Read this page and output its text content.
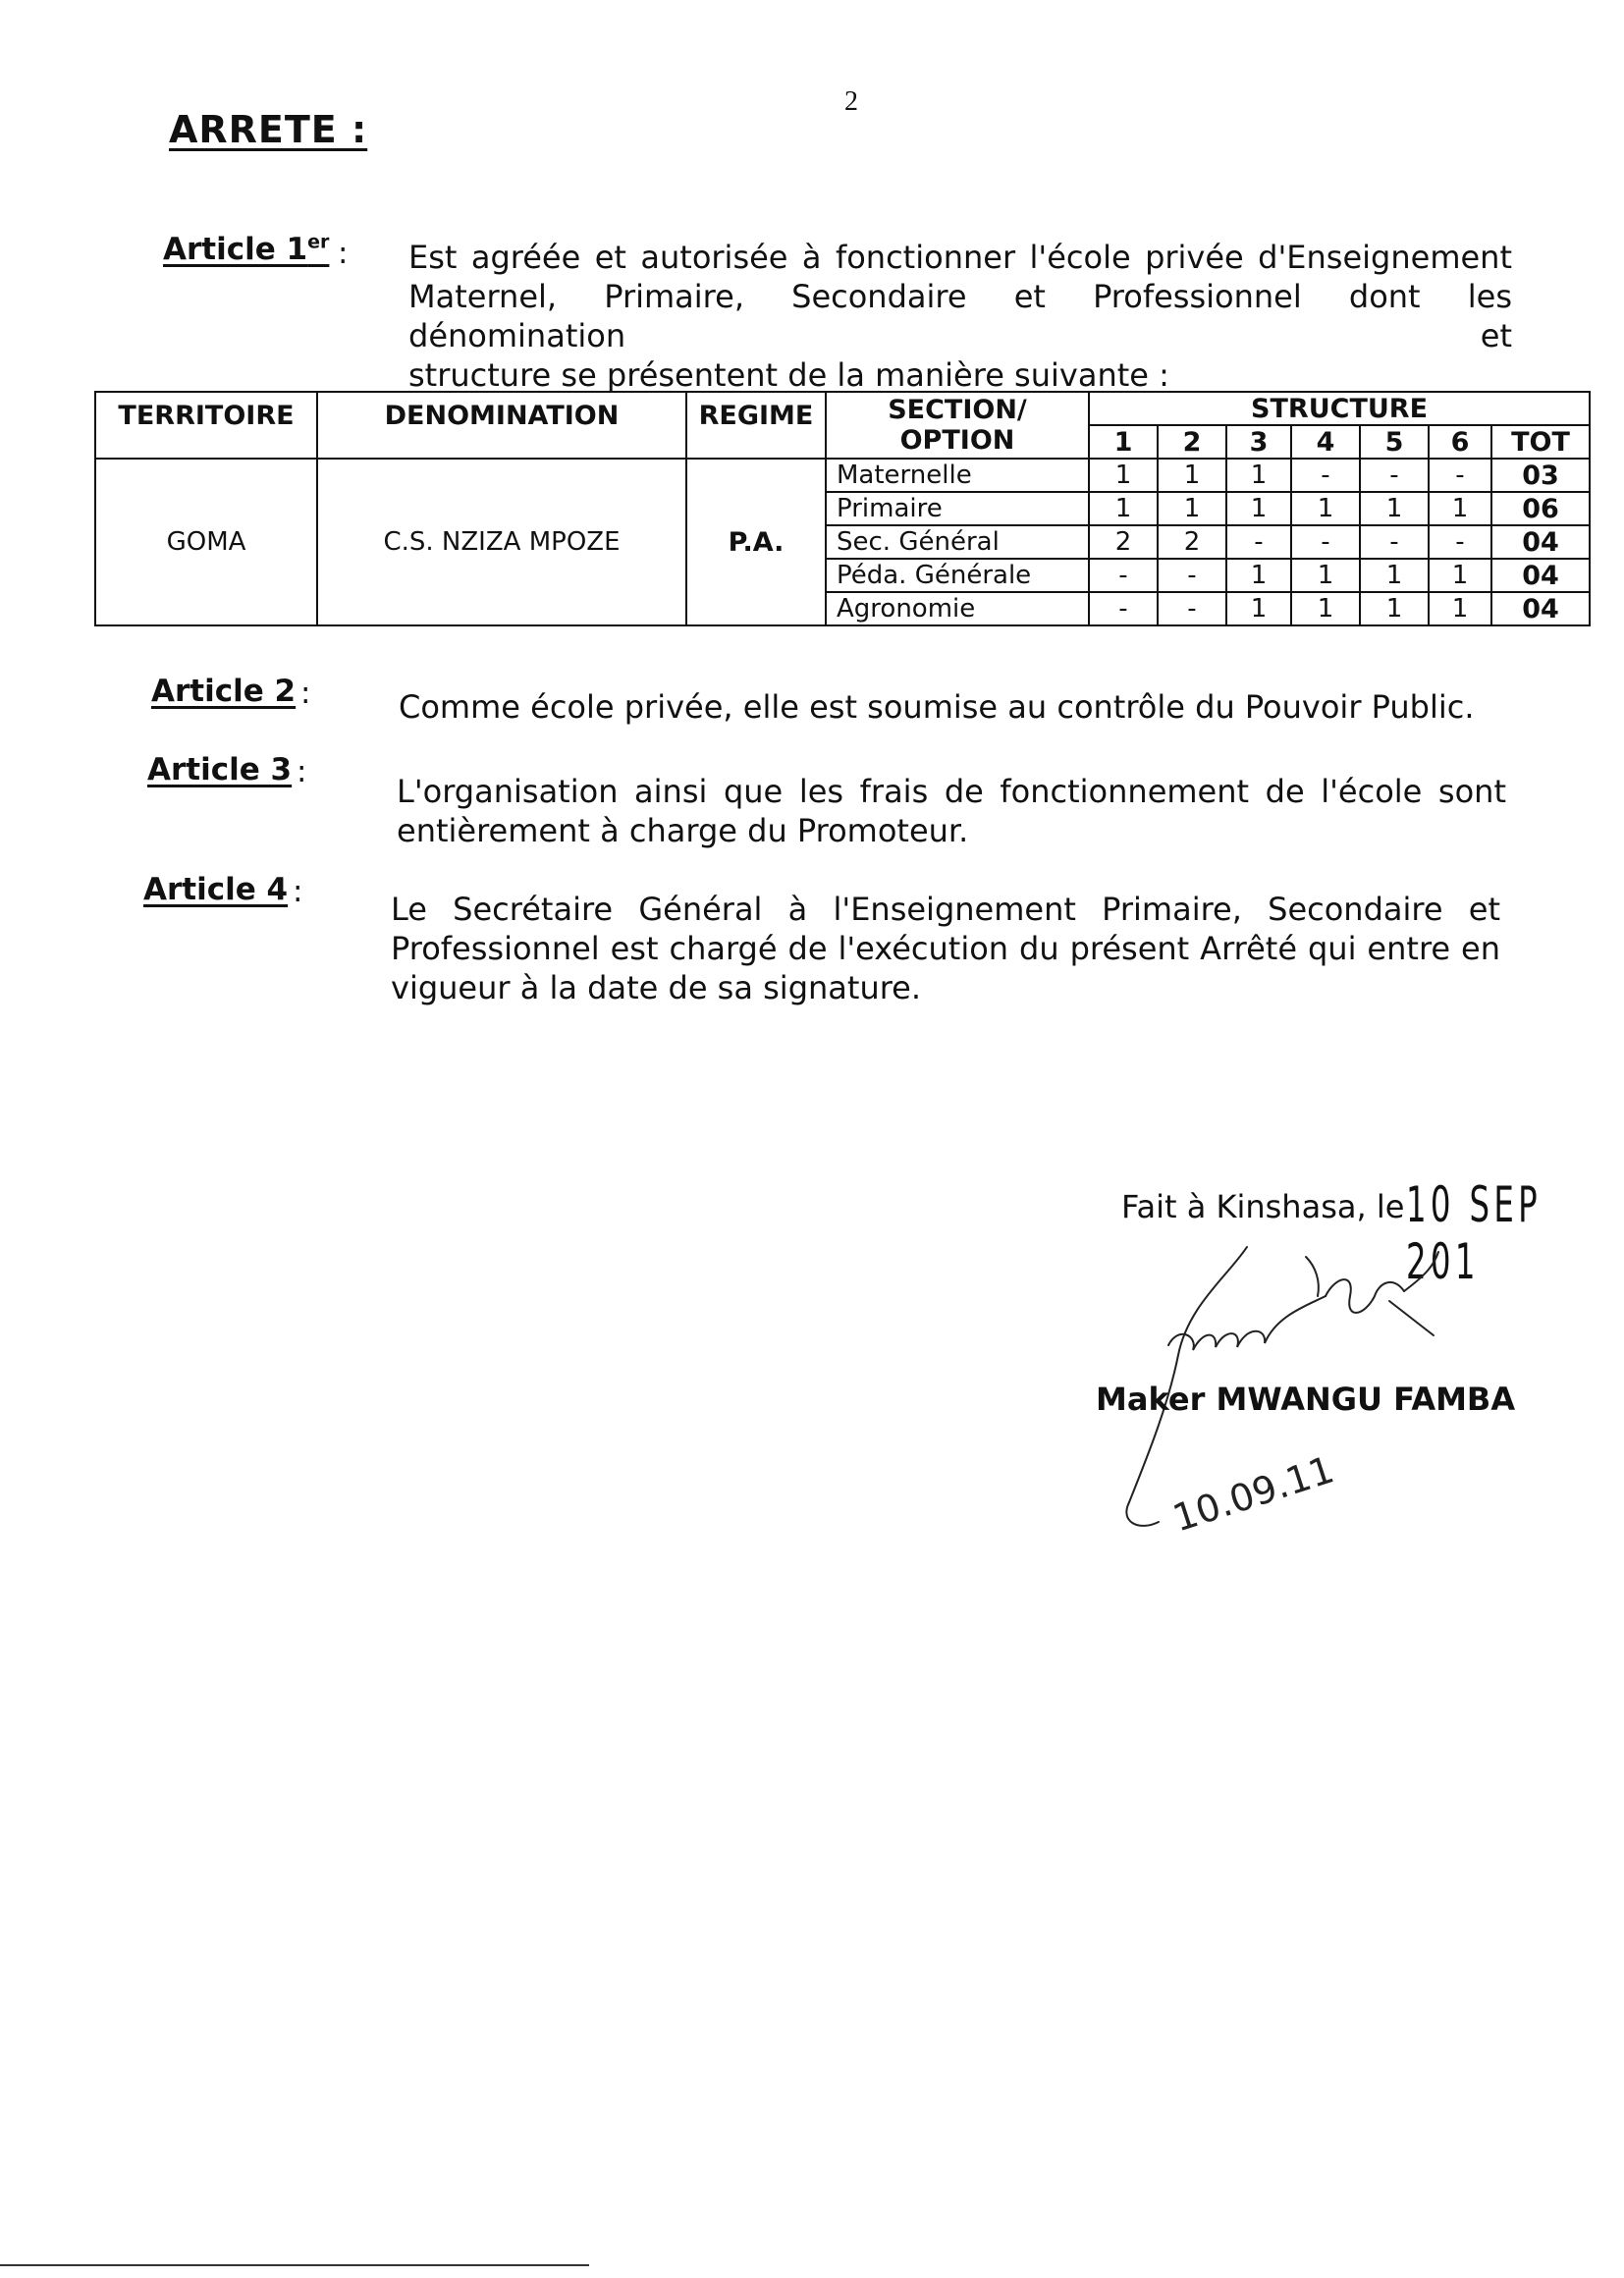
2
ARRETE :
Article 1er : Est agréée et autorisée à fonctionner l'école privée d'Enseignement
Maternel, Primaire, Secondaire et Professionnel dont les dénomination et
structure se présentent de la manière suivante :
TERRITOIRE	DENOMINATION	REGIME	SECTION/ OPTION	STRUCTURE						
				1	2	3	4	5	6	TOT
GOMA	C.S. NZIZA MPOZE	P.A.	Maternelle	1	1	1	-	-	-	03
			Primaire	1	1	1	1	1	1	06
			Sec. Général	2	2	-	-	-	-	04
			Péda. Générale	-	-	1	1	1	1	04
			Agronomie	-	-	1	1	1	1	04
Article 2 :	Comme école privée, elle est soumise au contrôle du Pouvoir Public.
Article 3 :
L'organisation ainsi que les frais de fonctionnement de l'école sont
entièrement à charge du Promoteur.
Article 4 :	Le Secrétaire Général à l'Enseignement Primaire, Secondaire et
Professionnel est chargé de l'exécution du présent Arrêté qui entre en
vigueur à la date de sa signature.
Fait à Kinshasa, le 10 SEP 201
10.09.11
Maker MWANGU FAMBA
